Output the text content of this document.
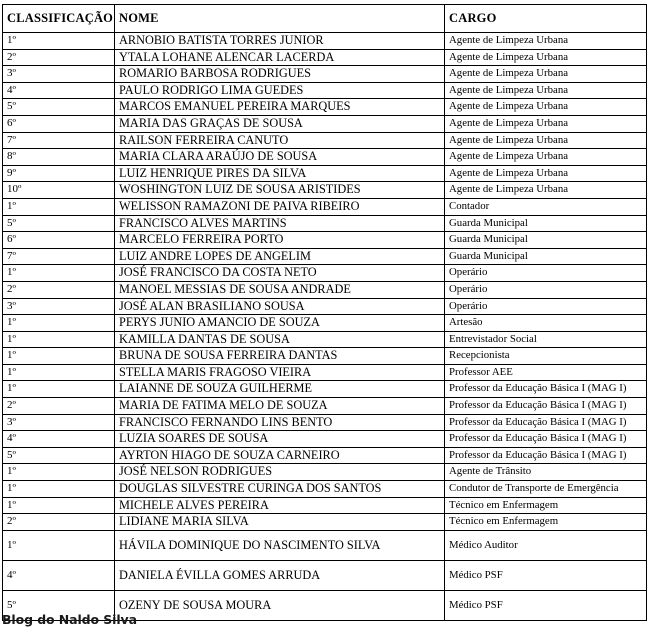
CLASSIFICAÇÃO	NOME	CARGO
1º	ARNOBIO BATISTA TORRES JUNIOR	Agente de Limpeza Urbana
2º	YTALA LOHANE ALENCAR LACERDA	Agente de Limpeza Urbana
3º	ROMARIO BARBOSA RODRIGUES	Agente de Limpeza Urbana
4º	PAULO RODRIGO LIMA GUEDES	Agente de Limpeza Urbana
5º	MARCOS EMANUEL PEREIRA MARQUES	Agente de Limpeza Urbana
6º	MARIA DAS GRAÇAS DE SOUSA	Agente de Limpeza Urbana
7º	RAILSON FERREIRA CANUTO	Agente de Limpeza Urbana
8º	MARIA CLARA ARAÚJO DE SOUSA	Agente de Limpeza Urbana
9º	LUIZ HENRIQUE PIRES DA SILVA	Agente de Limpeza Urbana
10º	WOSHINGTON LUIZ DE SOUSA ARISTIDES	Agente de Limpeza Urbana
1º	WELISSON RAMAZONI DE PAIVA RIBEIRO	Contador
5º	FRANCISCO ALVES MARTINS	Guarda Municipal
6º	MARCELO FERREIRA PORTO	Guarda Municipal
7º	LUIZ ANDRE LOPES DE ANGELIM	Guarda Municipal
1º	JOSÉ FRANCISCO DA COSTA NETO	Operário
2º	MANOEL MESSIAS DE SOUSA ANDRADE	Operário
3º	JOSÉ ALAN BRASILIANO SOUSA	Operário
1º	PERYS JUNIO AMANCIO DE SOUZA	Artesão
1º	KAMILLA DANTAS DE SOUSA	Entrevistador Social
1º	BRUNA DE SOUSA FERREIRA DANTAS	Recepcionista
1º	STELLA MARIS FRAGOSO VIEIRA	Professor AEE
1º	LAIANNE DE SOUZA GUILHERME	Professor da Educação Básica I (MAG I)
2º	MARIA DE FATIMA MELO DE SOUZA	Professor da Educação Básica I (MAG I)
3º	FRANCISCO FERNANDO LINS BENTO	Professor da Educação Básica I (MAG I)
4º	LUZIA SOARES DE SOUSA	Professor da Educação Básica I (MAG I)
5º	AYRTON HIAGO DE SOUZA CARNEIRO	Professor da Educação Básica I (MAG I)
1º	JOSÉ NELSON RODRIGUES	Agente de Trânsito
1º	DOUGLAS SILVESTRE CURINGA DOS SANTOS	Condutor de Transporte de Emergência
1º	MICHELE ALVES PEREIRA	Técnico em Enfermagem
2º	LIDIANE MARIA SILVA	Técnico em Enfermagem
1º	HÁVILA DOMINIQUE DO NASCIMENTO SILVA	Médico Auditor
4º	DANIELA ÉVILLA GOMES ARRUDA	Médico PSF
5º	OZENY DE SOUSA MOURA	Médico PSF
Blog do Naldo Silva
